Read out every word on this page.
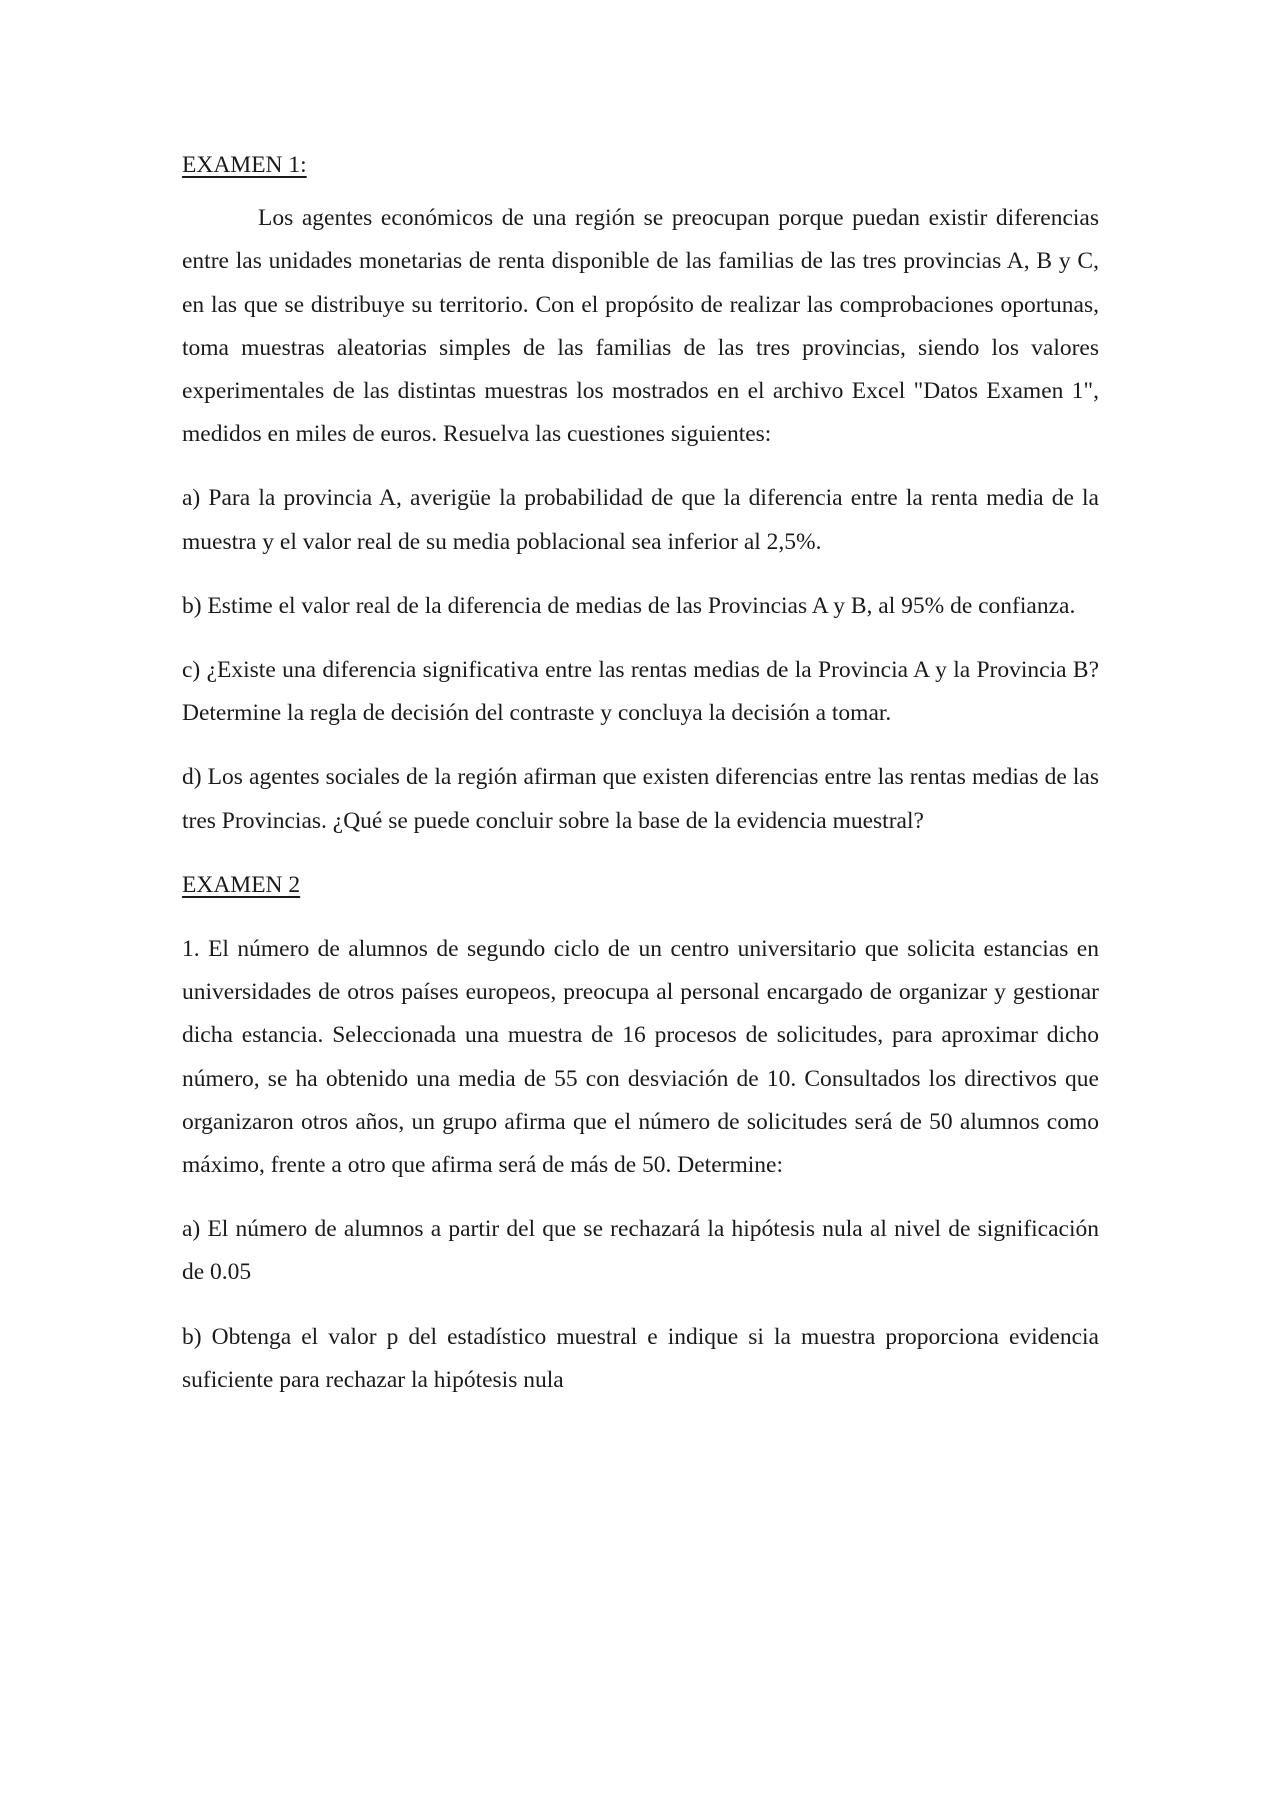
EXAMEN 1:

Los agentes económicos de una región se preocupan porque puedan existir diferencias entre las unidades monetarias de renta disponible de las familias de las tres provincias A, B y C, en las que se distribuye su territorio. Con el propósito de realizar las comprobaciones oportunas, toma muestras aleatorias simples de las familias de las tres provincias, siendo los valores experimentales de las distintas muestras los mostrados en el archivo Excel "Datos Examen 1", medidos en miles de euros. Resuelva las cuestiones siguientes:

a) Para la provincia A, averigüe la probabilidad de que la diferencia entre la renta media de la muestra y el valor real de su media poblacional sea inferior al 2,5%.

b) Estime el valor real de la diferencia de medias de las Provincias A y B, al 95% de confianza.

c) ¿Existe una diferencia significativa entre las rentas medias de la Provincia A y la Provincia B? Determine la regla de decisión del contraste y concluya la decisión a tomar.

d) Los agentes sociales de la región afirman que existen diferencias entre las rentas medias de las tres Provincias. ¿Qué se puede concluir sobre la base de la evidencia muestral?

EXAMEN 2

1. El número de alumnos de segundo ciclo de un centro universitario que solicita estancias en universidades de otros países europeos, preocupa al personal encargado de organizar y gestionar dicha estancia. Seleccionada una muestra de 16 procesos de solicitudes, para aproximar dicho número, se ha obtenido una media de 55 con desviación de 10. Consultados los directivos que organizaron otros años, un grupo afirma que el número de solicitudes será de 50 alumnos como máximo, frente a otro que afirma será de más de 50. Determine:

a) El número de alumnos a partir del que se rechazará la hipótesis nula al nivel de significación de 0.05

b) Obtenga el valor p del estadístico muestral e indique si la muestra proporciona evidencia suficiente para rechazar la hipótesis nula
